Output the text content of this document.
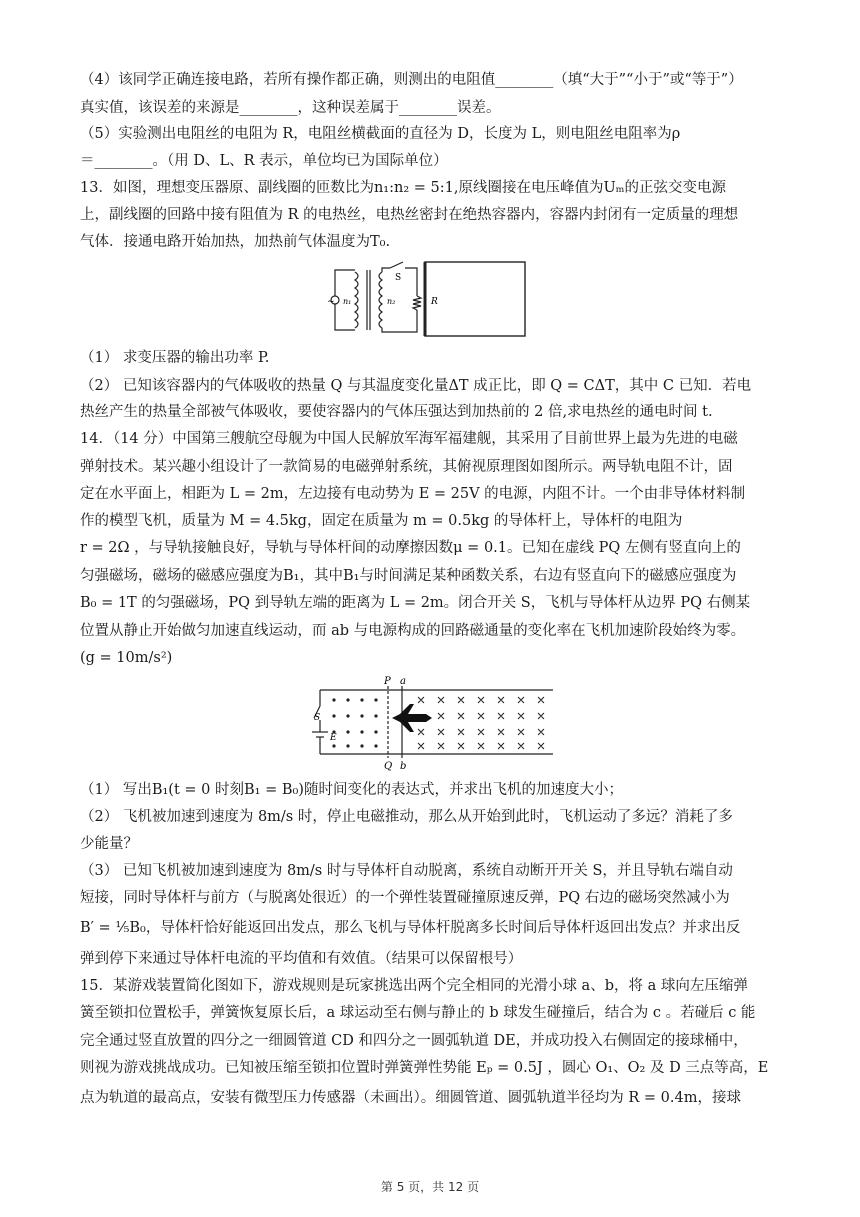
（4）该同学正确连接电路，若所有操作都正确，则测出的电阻值________（填“大于”“小于”或“等于”）
真实值，该误差的来源是________，这种误差属于________误差。
（5）实验测出电阻丝的电阻为 R，电阻丝横截面的直径为 D，长度为 L，则电阻丝电阻率为ρ
＝________。（用 D、L、R 表示，单位均已为国际单位）
13．如图，理想变压器原、副线圈的匝数比为n₁:n₂ = 5:1,原线圈接在电压峰值为Uₘ的正弦交变电源
上，副线圈的回路中接有阻值为 R 的电热丝，电热丝密封在绝热容器内，容器内封闭有一定质量的理想
气体．接通电路开始加热，加热前气体温度为T₀.
~ n₁	n₂
S
R
（1） 求变压器的输出功率 P.
（2） 已知该容器内的气体吸收的热量 Q 与其温度变化量ΔT 成正比，即 Q = CΔT，其中 C 已知．若电
热丝产生的热量全部被气体吸收，要使容器内的气体压强达到加热前的 2 倍,求电热丝的通电时间 t.
14．（14 分）中国第三艘航空母舰为中国人民解放军海军福建舰，其采用了目前世界上最为先进的电磁
弹射技术。某兴趣小组设计了一款简易的电磁弹射系统，其俯视原理图如图所示。两导轨电阻不计，固
定在水平面上，相距为 L = 2m，左边接有电动势为 E = 25V 的电源，内阻不计。一个由非导体材料制
作的模型飞机，质量为 M = 4.5kg，固定在质量为 m = 0.5kg 的导体杆上，导体杆的电阻为
r = 2Ω ，与导轨接触良好，导轨与导体杆间的动摩擦因数μ = 0.1。已知在虚线 PQ 左侧有竖直向上的
匀强磁场，磁场的磁感应强度为B₁，其中B₁与时间满足某种函数关系，右边有竖直向下的磁感应强度为
B₀ = 1T 的匀强磁场，PQ 到导轨左端的距离为 L = 2m。闭合开关 S，飞机与导体杆从边界 PQ 右侧某
位置从静止开始做匀加速直线运动，而 ab 与电源构成的回路磁通量的变化率在飞机加速阶段始终为零。
(g = 10m/s²)
P a
Q b
S
E
（1） 写出B₁(t = 0 时刻B₁ = B₀)随时间变化的表达式，并求出飞机的加速度大小；
（2） 飞机被加速到速度为 8m/s 时，停止电磁推动，那么从开始到此时，飞机运动了多远？消耗了多
少能量？
（3） 已知飞机被加速到速度为 8m/s 时与导体杆自动脱离，系统自动断开开关 S，并且导轨右端自动
短接，同时导体杆与前方（与脱离处很近）的一个弹性装置碰撞原速反弹，PQ 右边的磁场突然减小为
B′ = ⅕B₀，导体杆恰好能返回出发点，那么飞机与导体杆脱离多长时间后导体杆返回出发点？并求出反
弹到停下来通过导体杆电流的平均值和有效值。（结果可以保留根号）
15．某游戏装置简化图如下，游戏规则是玩家挑选出两个完全相同的光滑小球 a、b，将 a 球向左压缩弹
簧至锁扣位置松手，弹簧恢复原长后，a 球运动至右侧与静止的 b 球发生碰撞后，结合为 c 。若碰后 c 能
完全通过竖直放置的四分之一细圆管道 CD 和四分之一圆弧轨道 DE，并成功投入右侧固定的接球桶中，
则视为游戏挑战成功。已知被压缩至锁扣位置时弹簧弹性势能 Eₚ = 0.5J ，圆心 O₁、O₂ 及 D 三点等高，E
点为轨道的最高点，安装有微型压力传感器（未画出）。细圆管道、圆弧轨道半径均为 R = 0.4m，接球
第 5 页，共 12 页
